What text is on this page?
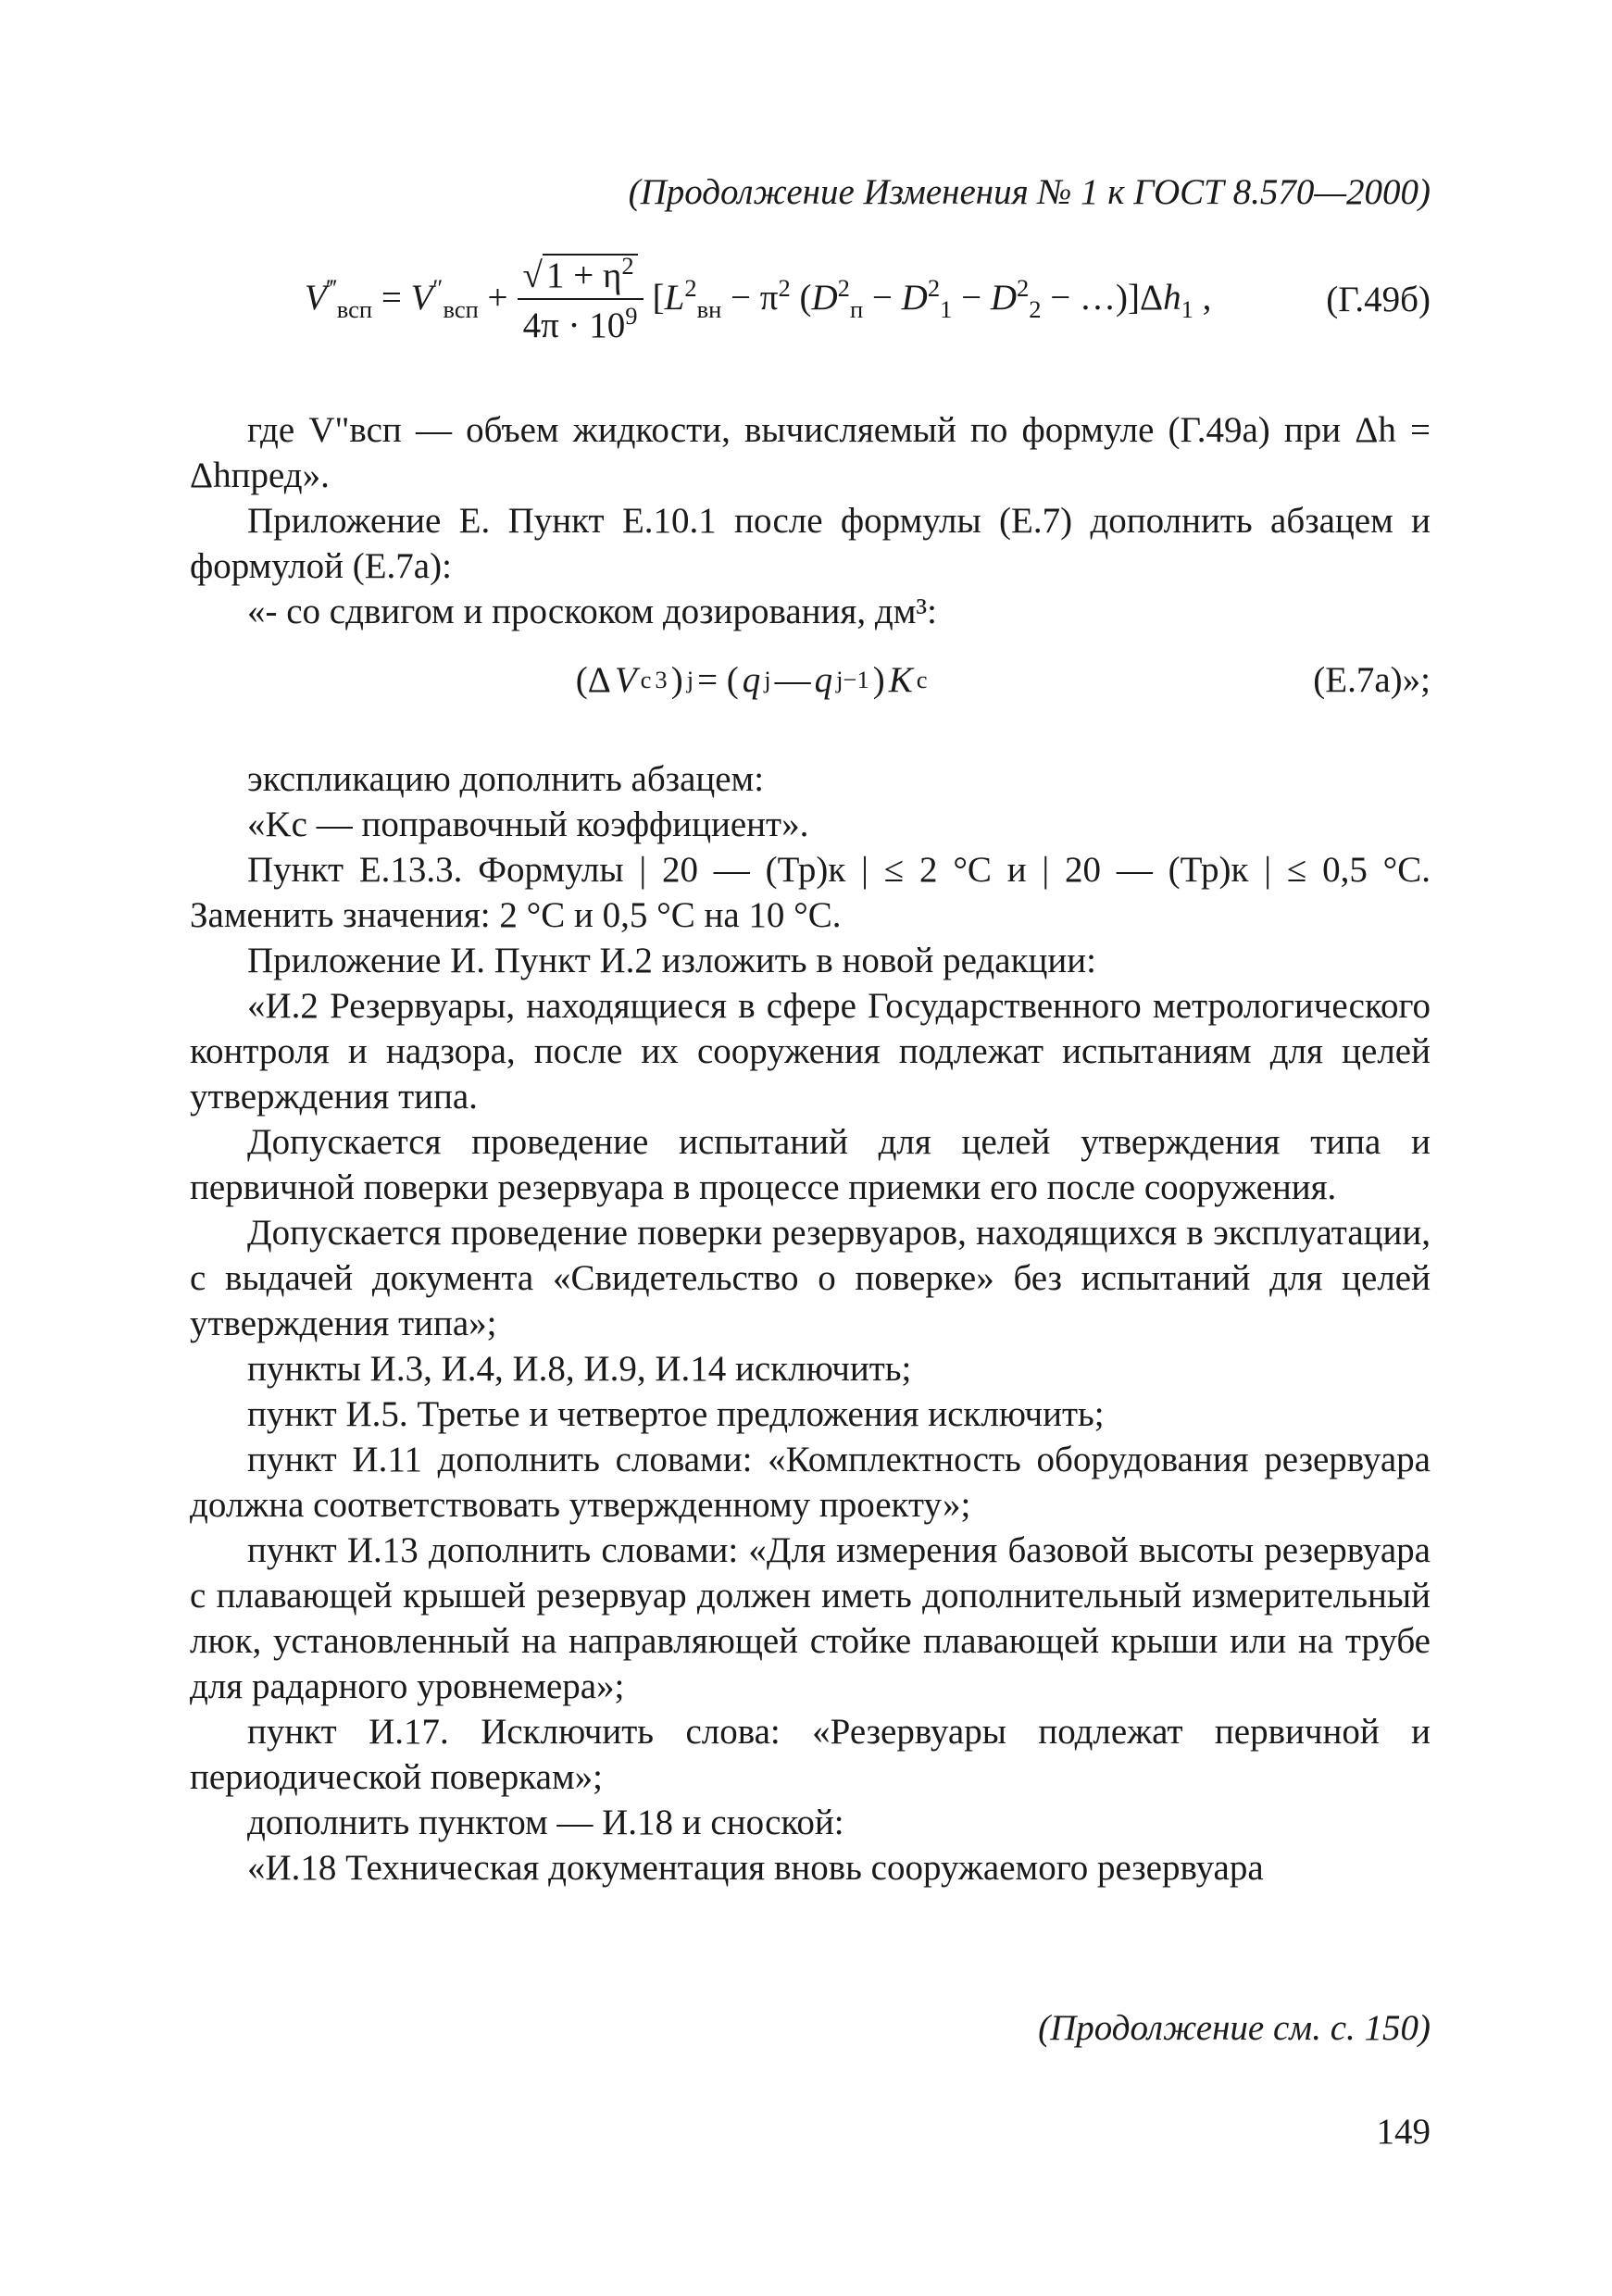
(Продолжение Изменения № 1 к ГОСТ 8.570—2000)
$V^‴_{всп} = V''_{всп} + \frac{√ 1 + \eta^2}{4\pi \cdot 10^9} [L^2_{вн} - \pi^2$ ($D^2_п - D^2_1 - D^2_2$ − $\dots)]\Delta h_1$ ,	(Г.49б)

где V"всп — объем жидкости, вычисляемый по формуле (Г.49а) при Δh = Δhпред».

Приложение Е. Пункт Е.10.1 после формулы (Е.7) дополнить абзацем и формулой (Е.7а):

«- со сдвигом и проскоком дозирования, дм³:

экспликацию дополнить абзацем:

«Kс — поправочный коэффициент».

Пункт Е.13.3. Формулы | 20 — (Тр)к | ≤ 2 °С и | 20 — (Тр)к | ≤ 0,5 °С. Заменить значения: 2 °С и 0,5 °С на 10 °С.

Приложение И. Пункт И.2 изложить в новой редакции:

«И.2 Резервуары, находящиеся в сфере Государственного метрологического контроля и надзора, после их сооружения подлежат испытаниям для целей утверждения типа.

Допускается проведение испытаний для целей утверждения типа и первичной поверки резервуара в процессе приемки его после сооружения.

Допускается проведение поверки резервуаров, находящихся в эксплуатации, с выдачей документа «Свидетельство о поверке» без испытаний для целей утверждения типа»;

пункты И.3, И.4, И.8, И.9, И.14 исключить;

пункт И.5. Третье и четвертое предложения исключить;

пункт И.11 дополнить словами: «Комплектность оборудования резервуара должна соответствовать утвержденному проекту»;

пункт И.13 дополнить словами: «Для измерения базовой высоты резервуара с плавающей крышей резервуар должен иметь дополнительный измерительный люк, установленный на направляющей стойке плавающей крыши или на трубе для радарного уровнемера»;

пункт И.17. Исключить слова: «Резервуары подлежат первичной и периодической поверкам»;

дополнить пунктом — И.18 и сноской:

«И.18 Техническая документация вновь сооружаемого резервуара

(Δ V c 3 ) j = ( q j — q j−1 ) K c	(Е.7а)»;
(Продолжение см. с. 150)
149
